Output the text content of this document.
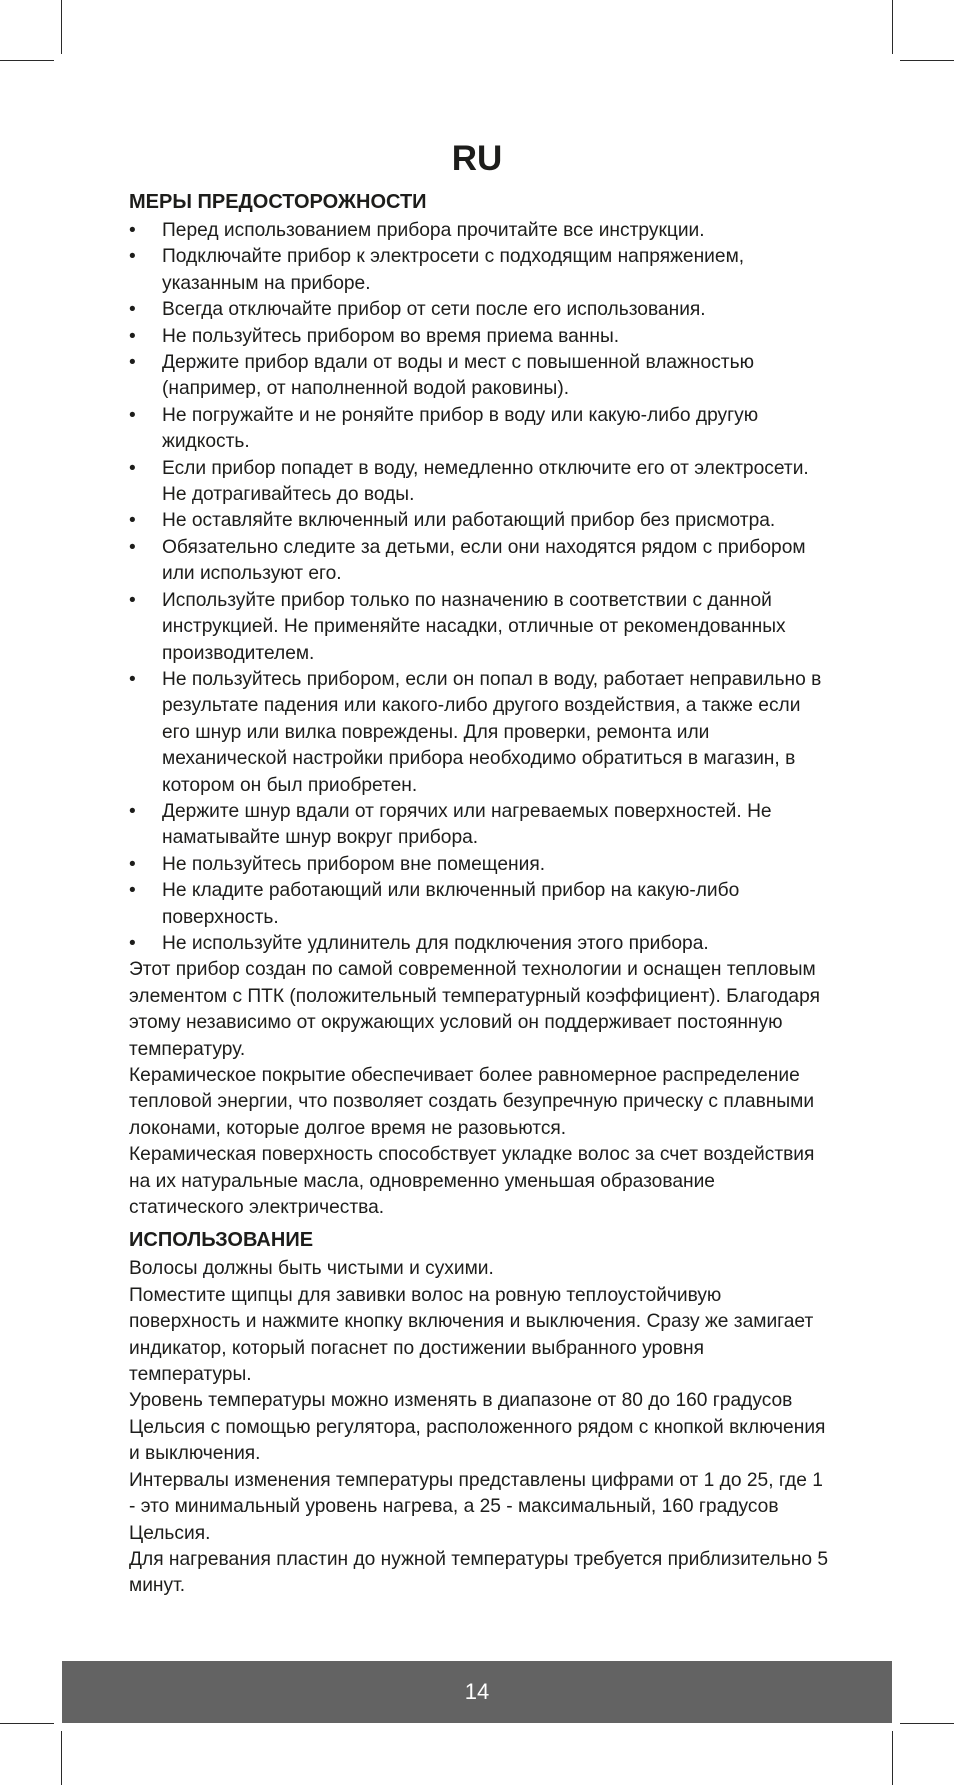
RU
МЕРЫ ПРЕДОСТОРОЖНОСТИ
• Перед использованием прибора прочитайте все инструкции.
• Подключайте прибор к электросети с подходящим напряжением, указанным на приборе.
• Всегда отключайте прибор от сети после его использования.
• Не пользуйтесь прибором во время приема ванны.
• Держите прибор вдали от воды и мест с повышенной влажностью (например, от наполненной водой раковины).
• Не погружайте и не роняйте прибор в воду или какую-либо другую жидкость.
• Если прибор попадет в воду, немедленно отключите его от электросети. Не дотрагивайтесь до воды.
• Не оставляйте включенный или работающий прибор без присмотра.
• Обязательно следите за детьми, если они находятся рядом с прибором или используют его.
• Используйте прибор только по назначению в соответствии с данной инструкцией. Не применяйте насадки, отличные от рекомендованных производителем.
• Не пользуйтесь прибором, если он попал в воду, работает неправильно в результате падения или какого-либо другого воздействия, а также если его шнур или вилка повреждены. Для проверки, ремонта или механической настройки прибора необходимо обратиться в магазин, в котором он был приобретен.
• Держите шнур вдали от горячих или нагреваемых поверхностей. Не наматывайте шнур вокруг прибора.
• Не пользуйтесь прибором вне помещения.
• Не кладите работающий или включенный прибор на какую-либо поверхность.
• Не используйте удлинитель для подключения этого прибора.

Этот прибор создан по самой современной технологии и оснащен тепловым элементом с ПТК (положительный температурный коэффициент). Благодаря этому независимо от окружающих условий он поддерживает постоянную температуру.

Керамическое покрытие обеспечивает более равномерное распределение тепловой энергии, что позволяет создать безупречную прическу с плавными локонами, которые долгое время не разовьются.

Керамическая поверхность способствует укладке волос за счет воздействия на их натуральные масла, одновременно уменьшая образование статического электричества.

ИСПОЛЬЗОВАНИЕ

Волосы должны быть чистыми и сухими.

Поместите щипцы для завивки волос на ровную теплоустойчивую поверхность и нажмите кнопку включения и выключения. Сразу же замигает индикатор, который погаснет по достижении выбранного уровня температуры.

Уровень температуры можно изменять в диапазоне от 80 до 160 градусов Цельсия с помощью регулятора, расположенного рядом с кнопкой включения и выключения.

Интервалы изменения температуры представлены цифрами от 1 до 25, где 1 - это минимальный уровень нагрева, а 25 - максимальный, 160 градусов Цельсия.

Для нагревания пластин до нужной температуры требуется приблизительно 5 минут.

14
